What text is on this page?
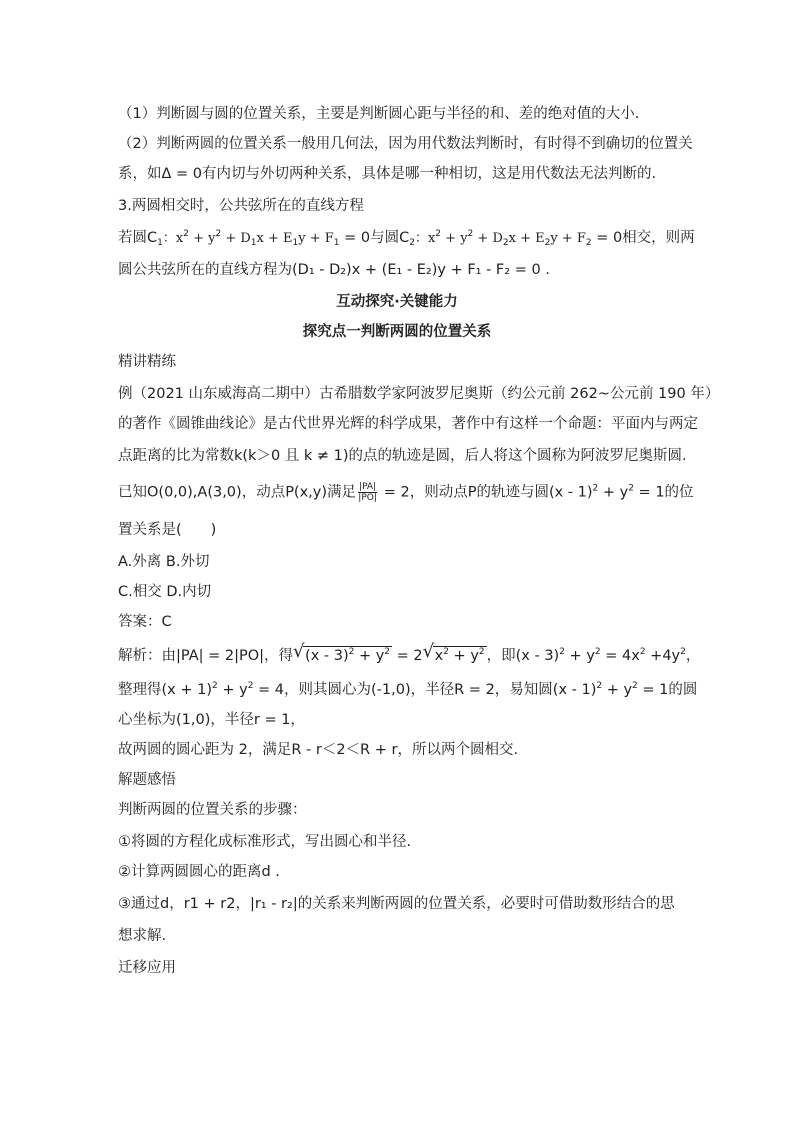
（1）判断圆与圆的位置关系，主要是判断圆心距与半径的和、差的绝对值的大小.
（2）判断两圆的位置关系一般用几何法，因为用代数法判断时，有时得不到确切的位置关
系，如Δ = 0有内切与外切两种关系，具体是哪一种相切，这是用代数法无法判断的.
3.两圆相交时，公共弦所在的直线方程
若圆$C_1$：$x^2 + y^2 + D_1x + E_1y + F_1 = 0$与圆$C_2$：$x^2 + y^2 + D_2x + E_2y + F_2 = 0$相交，则两
圆公共弦所在的直线方程为(D₁ - D₂)x + (E₁ - E₂)y + F₁ - F₂ = 0 .
互动探究·关键能力
探究点一判断两圆的位置关系
精讲精练
例（2021 山东威海高二期中）古希腊数学家阿波罗尼奥斯（约公元前 262~公元前 190 年）
的著作《圆锥曲线论》是古代世界光辉的科学成果，著作中有这样一个命题：平面内与两定
点距离的比为常数k(k＞0 且 k ≠ 1)的点的轨迹是圆，后人将这个圆称为阿波罗尼奥斯圆.
已知O(0,0),A(3,0)，动点P(x,y)满足 $\frac{|PA|}{|PO|} = 2$，则动点P的轨迹与圆$(x - 1)^2 + y^2 = 1$的位
置关系是(　　)
A.外离 B.外切
C.相交 D.内切
答案：C
解析：由|PA| = 2|PO|，得 √ $(x - 3)^2 + y^2 = 2$ √ $x^2 + y^2$ ，即$(x - 3)^2 + y^2 = 4x^2 +4y^2$，
整理得$(x + 1)^2 + y^2 = 4$，则其圆心为(-1,0)，半径R = 2，易知圆$(x - 1)^2 + y^2 = 1$的圆
心坐标为(1,0)，半径r = 1，
故两圆的圆心距为 2，满足R - r＜2＜R + r，所以两个圆相交.
解题感悟
判断两圆的位置关系的步骤：
①将圆的方程化成标准形式，写出圆心和半径.
②计算两圆圆心的距离d .
③通过d，r1 + r2，|r₁ - r₂|的关系来判断两圆的位置关系，必要时可借助数形结合的思
想求解.
迁移应用
